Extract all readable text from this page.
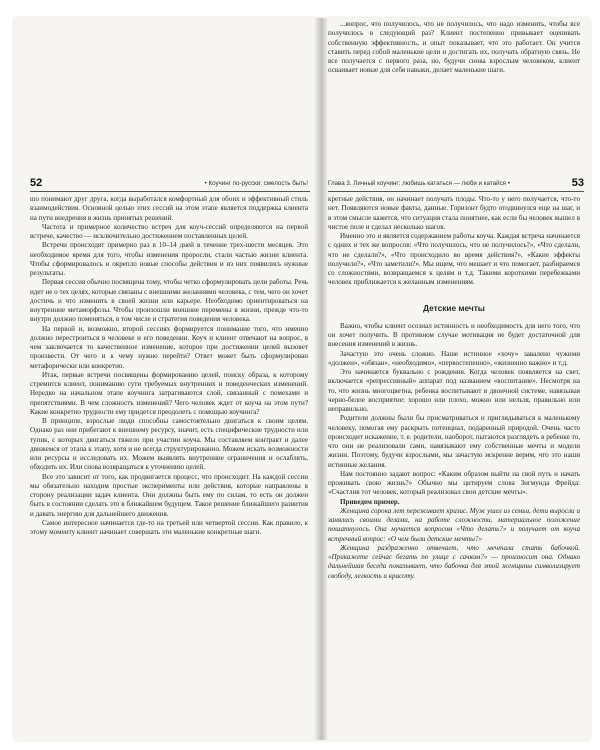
52	• Коучинг по-русски: смелость быть!

шо понимают друг друга, когда выработался комфортный для обоих и эффективный стиль взаимодействия. Основной целью этих сессий на этом этапе является поддержка клиента на пути внедрения в жизнь принятых решений.

Частота и примерное количество встреч для коуч-сессий определяются на первой встрече, качество — исключительно достижением поставленных целей.

Встречи происходят примерно раз в 10–14 дней в течение трех-шести месяцев. Это необходимое время для того, чтобы изменения проросли, стали частью жизни клиента. Чтобы сформировалось и окрепло новые способы действия и из них появились нужные результаты.

Первая сессия обычно посвящена тому, чтобы четко сформулировать цели работы. Речь идет не о тех целях, которые связаны с внешними желаниями человека, с тем, чего он хочет достичь и что изменить в своей жизни или карьере. Необходимо ориентироваться на внутренние метаморфозы. Чтобы произошли внешние перемены в жизни, прежде что-то внутри должно поменяться, в том числе и стратегия поведения человека.

На первой и, возможно, второй сессиях формируется понимание того, что именно должно перестроиться в человеке и его поведении. Коуч и клиент отвечают на вопрос, в чем заключается то качественное изменение, которое при достижении целей вызовет произвести. От чего и к чему нужно перейти? Ответ может быть сформулирован метафорически или конкретно.

Итак, первые встречи посвящены формированию целей, поиску образа, к которому стремится клиент, пониманию сути требуемых внутренних и поведенческих изменений. Нередко на начальном этапе коучинга затрагиваются слой, связанный с помехами и препятствиями. В чем сложность изменений? Чего человек ждет от коуча на этом пути? Какие конкретно трудности ему придется преодолеть с помощью коучинга?

В принципе, взрослые люди способны самостоятельно двигаться к своим целям. Однако раз они прибегают к внешнему ресурсу, значит, есть специфические трудности или тупик, с которых двигаться тяжело при участии коуча. Мы составляем контракт и далее движемся от этапа к этапу, хотя и не всегда структурированно. Можем искать возможности или ресурсы и исследовать их. Можем выявлять внутренние ограничения и ослаблять, обходить их. Или снова возвращаться к уточнению целей.

Все это зависит от того, как продвигается процесс, что происходит. На каждой сессии мы обязательно находим простые эксперименты или действия, которые направлены в сторону реализации задач клиента. Они должны быть ему по силам, то есть он должен быть в состоянии сделать это в ближайшем будущем. Такое решение ближайшего развития и давать энергию для дальнейшего движения.

Самое интересное начинается где-то на третьей или четвертой сессии. Как правило, к этому моменту клиент начинает совершать эти маленькие конкретные шаги.

...вопрос, что получилось, что не получилось, что надо изменить, чтобы все получилось в следующий раз? Клиент постепенно привыкает оценивать собственную эффективность, и опыт показывает, что это работает. Он учится ставить перед собой маленькие цели и достигать их, получать обратную связь. Не все получается с первого раза, но, будучи снова взрослым человеком, клиент осваивает новые для себя навыки, делает маленькие шаги.

Глава 3. Личный коучинг: любишь кататься — люби и катайся •	53

кретные действия, он начинает получать плоды. Что-то у него получается, что-то нет. Появляются новые факты, данные. Горизонт будто отодвинулся еще на шаг, и в этом смысле кажется, что ситуация стала понятнее, как если бы человек вышел в чистое поле и сделал несколько шагов.

Именно это и является содержанием работы коуча. Каждая встреча начинается с одних и тех же вопросов: «Что получилось, что не получилось?», «Что сделали, что не сделали?», «Что происходило во время действия?», «Какие эффекты получили?», «Что заметили?». Мы ищем, что мешает и что помогает, разбираемся со сложностями, возвращаемся к целям и т.д. Такими короткими перебежками человек приближается к желанным изменениям.

Детские мечты

Важно, чтобы клиент осознал истинность и необходимость для него того, что он хочет получить. В противном случае мотивация не будет достаточной для внесения изменений в жизнь.

Зачастую это очень сложно. Наше истинное «хочу» завалено чужими «должен», «обязан», «необходимо», «первостепенно», «жизненно важно» и т.д.

Это начинается буквально с рождения. Когда человек появляется на свет, включается «репрессивный» аппарат под названием «воспитание». Несмотря на то, что жизнь многоцветна, ребенка воспитывают в двоичной системе, навязывая черно-белое восприятие: хорошо или плохо, можно или нельзя, правильно или неправильно.

Родители должны были бы присматриваться и приглядываться к маленькому человеку, помогая ему раскрыть потенциал, подаренный природой. Очень часто происходит искажение, т. е. родители, наоборот, пытаются разглядеть в ребенке то, что они не реализовали сами, навязывают ему собственные мечты и модели жизни. Поэтому, будучи взрослыми, мы зачастую искренне верим, что это наши истинные желания.

Нам постоянно задают вопрос: «Каким образом выйти на свой путь и начать проживать свою жизнь?» Обычно мы цитируем слова Зигмунда Фрейда: «Счастлив тот человек, который реализовал свои детские мечты».

Приведем пример.

Женщина сорока лет переживает кризис. Муж ушел из семьи, дети выросли и занялись своими делами, на работе сложности, материальное положение пошатнулось. Она мучается вопросом «Что делать?» и получает от коуча встречный вопрос: «О чем были детские мечты?»

Женщина раздраженно отвечает, что мечтала стать бабочкой. «Прикажете сейчас бегать по улице с сачком?» — произносит она. Однако дальнейшая беседа показывает, что бабочка для этой женщины символизирует свободу, легкость и красоту.
